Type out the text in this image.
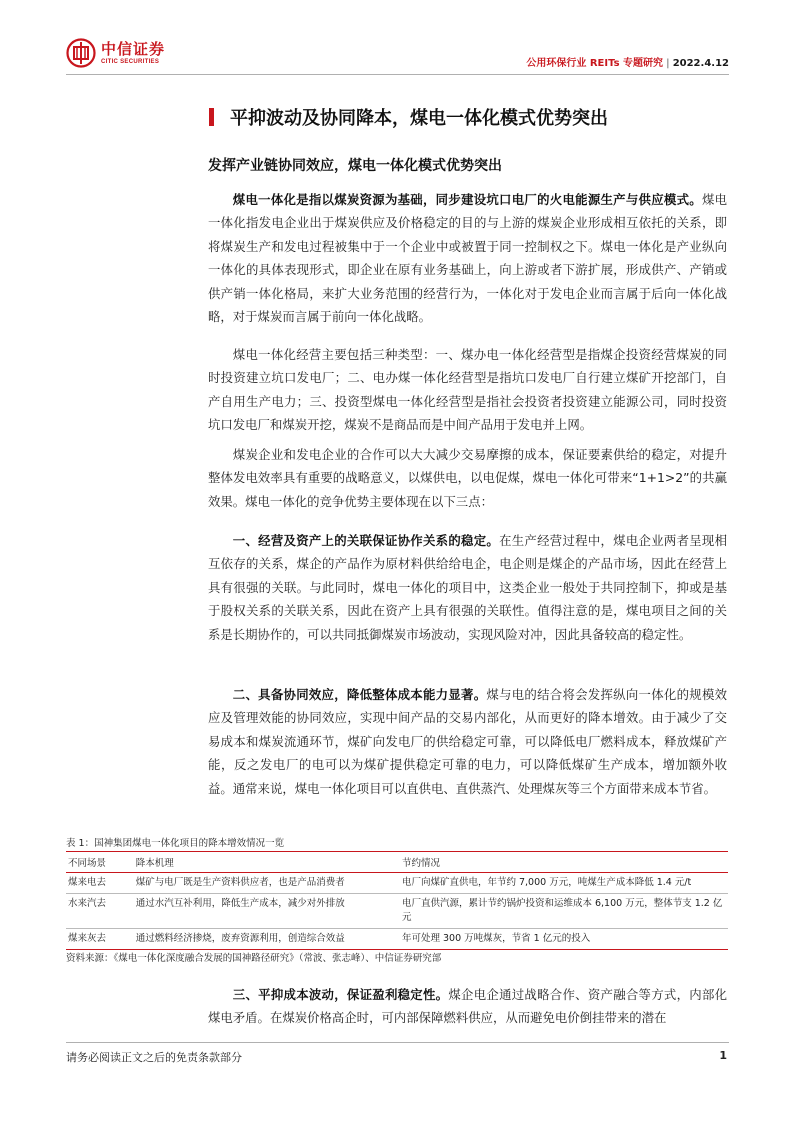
中信证券
CITIC SECURITIES	公用环保行业 REITs 专题研究 | 2022.4.12
平抑波动及协同降本，煤电一体化模式优势突出
发挥产业链协同效应，煤电一体化模式优势突出

煤电一体化是指以煤炭资源为基础，同步建设坑口电厂的火电能源生产与供应模式。煤电一体化指发电企业出于煤炭供应及价格稳定的目的与上游的煤炭企业形成相互依托的关系，即将煤炭生产和发电过程被集中于一个企业中或被置于同一控制权之下。煤电一体化是产业纵向一体化的具体表现形式，即企业在原有业务基础上，向上游或者下游扩展，形成供产、产销或供产销一体化格局，来扩大业务范围的经营行为，一体化对于发电企业而言属于后向一体化战略，对于煤炭而言属于前向一体化战略。

煤电一体化经营主要包括三种类型：一、煤办电一体化经营型是指煤企投资经营煤炭的同时投资建立坑口发电厂；二、电办煤一体化经营型是指坑口发电厂自行建立煤矿开挖部门，自产自用生产电力；三、投资型煤电一体化经营型是指社会投资者投资建立能源公司，同时投资坑口发电厂和煤炭开挖，煤炭不是商品而是中间产品用于发电并上网。

煤炭企业和发电企业的合作可以大大减少交易摩擦的成本，保证要素供给的稳定，对提升整体发电效率具有重要的战略意义，以煤供电，以电促煤，煤电一体化可带来“1+1>2”的共赢效果。煤电一体化的竞争优势主要体现在以下三点：

一、经营及资产上的关联保证协作关系的稳定。在生产经营过程中，煤电企业两者呈现相互依存的关系，煤企的产品作为原材料供给给电企，电企则是煤企的产品市场，因此在经营上具有很强的关联。与此同时，煤电一体化的项目中，这类企业一般处于共同控制下，抑或是基于股权关系的关联关系，因此在资产上具有很强的关联性。值得注意的是，煤电项目之间的关系是长期协作的，可以共同抵御煤炭市场波动，实现风险对冲，因此具备较高的稳定性。

二、具备协同效应，降低整体成本能力显著。煤与电的结合将会发挥纵向一体化的规模效应及管理效能的协同效应，实现中间产品的交易内部化，从而更好的降本增效。由于减少了交易成本和煤炭流通环节，煤矿向发电厂的供给稳定可靠，可以降低电厂燃料成本，释放煤矿产能，反之发电厂的电可以为煤矿提供稳定可靠的电力，可以降低煤矿生产成本，增加额外收益。通常来说，煤电一体化项目可以直供电、直供蒸汽、处理煤灰等三个方面带来成本节省。

表 1：国神集团煤电一体化项目的降本增效情况一览
不同场景	降本机理	节约情况
煤来电去	煤矿与电厂既是生产资料供应者，也是产品消费者	电厂向煤矿直供电，年节约 7,000 万元，吨煤生产成本降低 1.4 元/t
水来汽去	通过水汽互补利用，降低生产成本，减少对外排放	电厂直供汽源，累计节约锅炉投资和运维成本 6,100 万元，整体节支 1.2 亿元
煤来灰去	通过燃料经济掺烧，废弃资源利用，创造综合效益	年可处理 300 万吨煤灰，节省 1 亿元的投入
资料来源：《煤电一体化深度融合发展的国神路径研究》（常波、张志峰）、中信证券研究部

三、平抑成本波动，保证盈利稳定性。煤企电企通过战略合作、资产融合等方式，内部化煤电矛盾。在煤炭价格高企时，可内部保障燃料供应，从而避免电价倒挂带来的潜在

请务必阅读正文之后的免责条款部分	1
